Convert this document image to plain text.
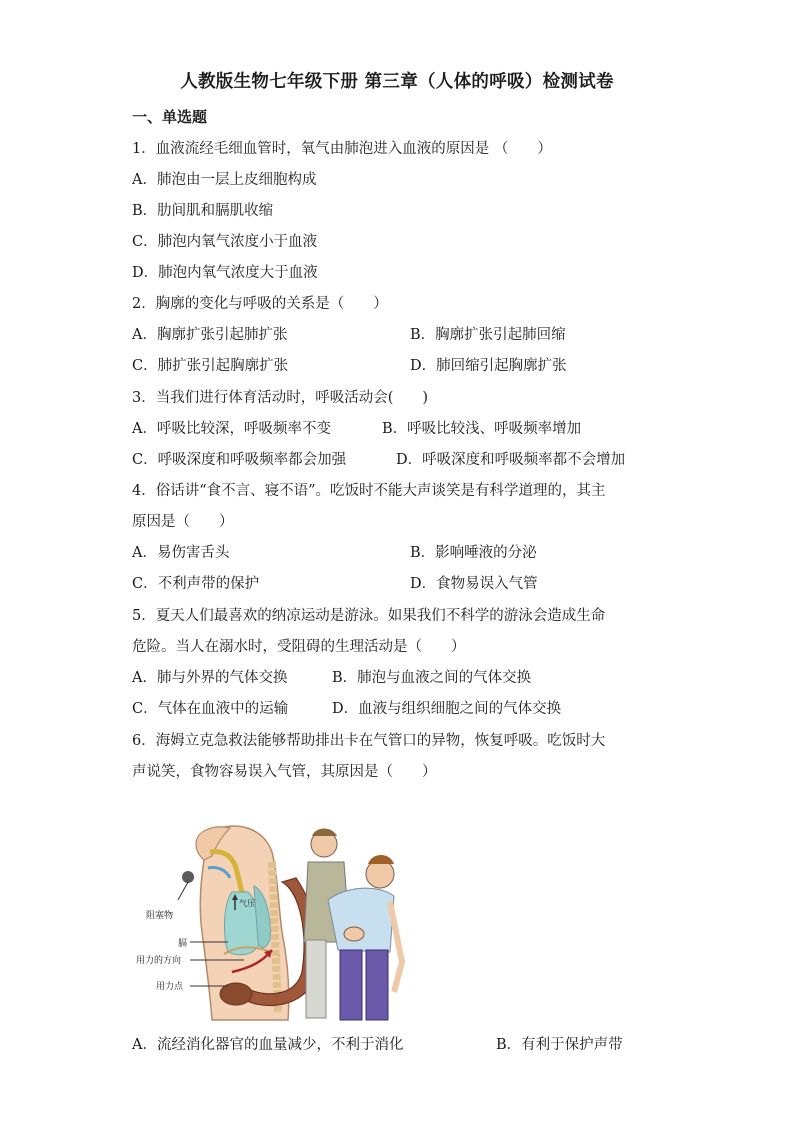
人教版生物七年级下册 第三章（人体的呼吸）检测试卷
一、单选题
1．血液流经毛细血管时，氧气由肺泡进入血液的原因是 （　　）
A．肺泡由一层上皮细胞构成
B．肋间肌和膈肌收缩
C．肺泡内氧气浓度小于血液
D．肺泡内氧气浓度大于血液
2．胸廓的变化与呼吸的关系是（　　）
A．胸廓扩张引起肺扩张	B．胸廓扩张引起肺回缩
C．肺扩张引起胸廓扩张	D．肺回缩引起胸廓扩张
3．当我们进行体育活动时，呼吸活动会(　　)
A．呼吸比较深，呼吸频率不变	B．呼吸比较浅、呼吸频率增加
C．呼吸深度和呼吸频率都会加强	D．呼吸深度和呼吸频率都不会增加
4．俗话讲“食不言、寝不语”。吃饭时不能大声谈笑是有科学道理的，其主
原因是（　　）
A．易伤害舌头	B．影响唾液的分泌
C．不利声带的保护	D．食物易误入气管
5．夏天人们最喜欢的纳凉运动是游泳。如果我们不科学的游泳会造成生命
危险。当人在溺水时，受阻碍的生理活动是（　　）
A．肺与外界的气体交换	B．肺泡与血液之间的气体交换
C．气体在血液中的运输	D．血液与组织细胞之间的气体交换
6．海姆立克急救法能够帮助排出卡在气管口的异物，恢复呼吸。吃饭时大
声说笑，食物容易误入气管，其原因是（　　）
阻塞物
膈
用力的方向
用力点
气压
A．流经消化器官的血量减少，不利于消化	B．有利于保护声带
